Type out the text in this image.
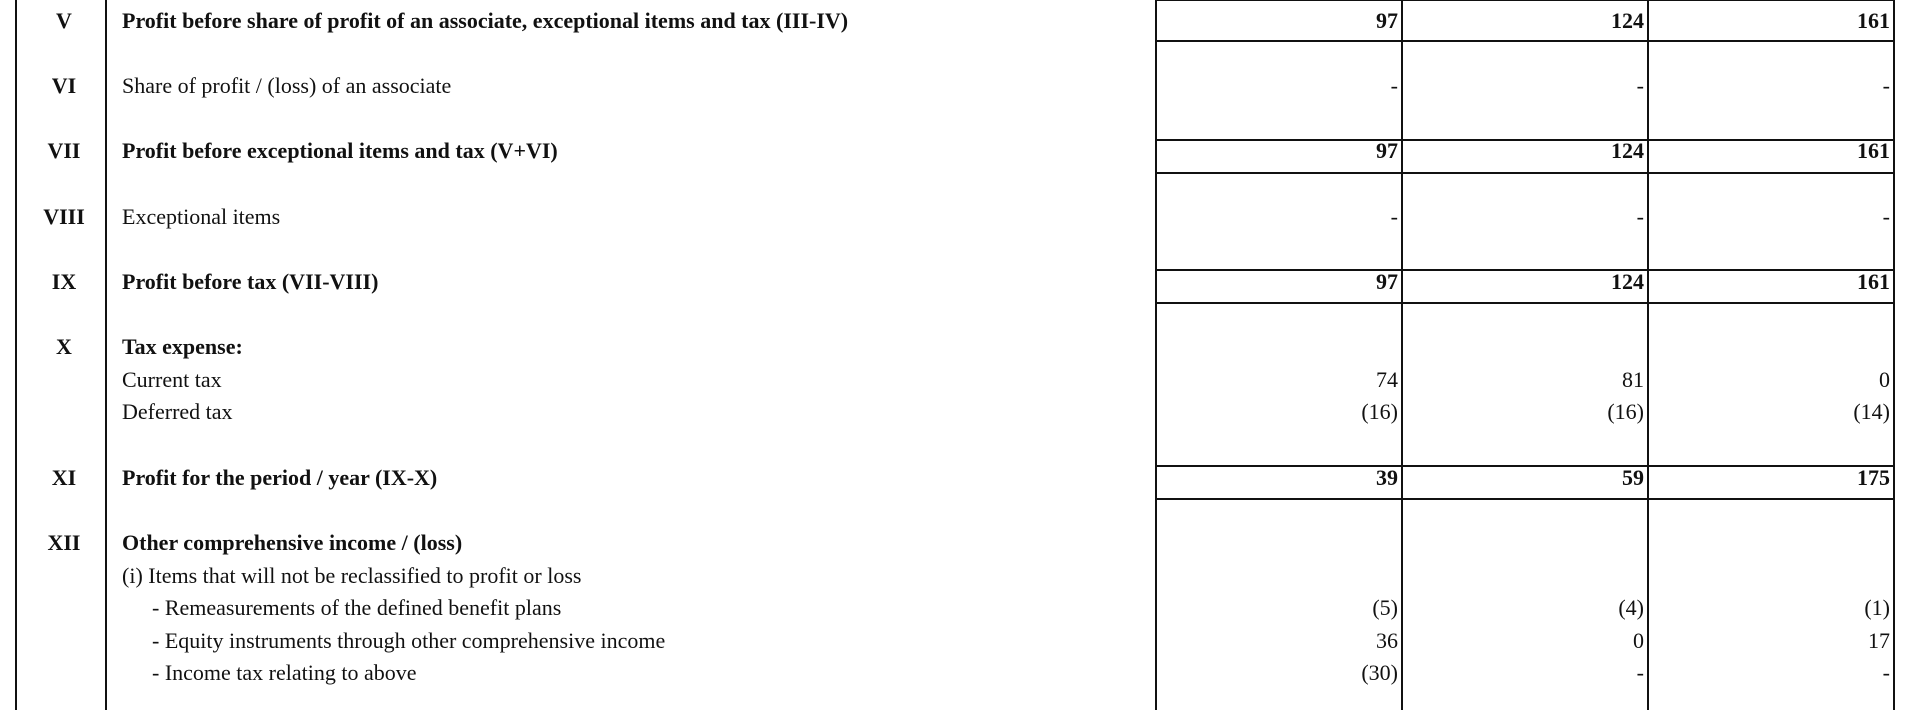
V	Profit before share of profit of an associate, exceptional items and tax (III-IV)	97	124	161
VI	Share of profit / (loss) of an associate	-	-	-
VII	Profit before exceptional items and tax (V+VI)	97	124	161
VIII	Exceptional items	-	-	-
IX	Profit before tax (VII-VIII)	97	124	161
X	Tax expense:
Current tax	74	81	0
Deferred tax	(16)	(16)	(14)
XI	Profit for the period / year (IX-X)	39	59	175
XII	Other comprehensive income / (loss)
(i) Items that will not be reclassified to profit or loss
- Remeasurements of the defined benefit plans	(5)	(4)	(1)
- Equity instruments through other comprehensive income	36	0	17
- Income tax relating to above	(30)	-	-
